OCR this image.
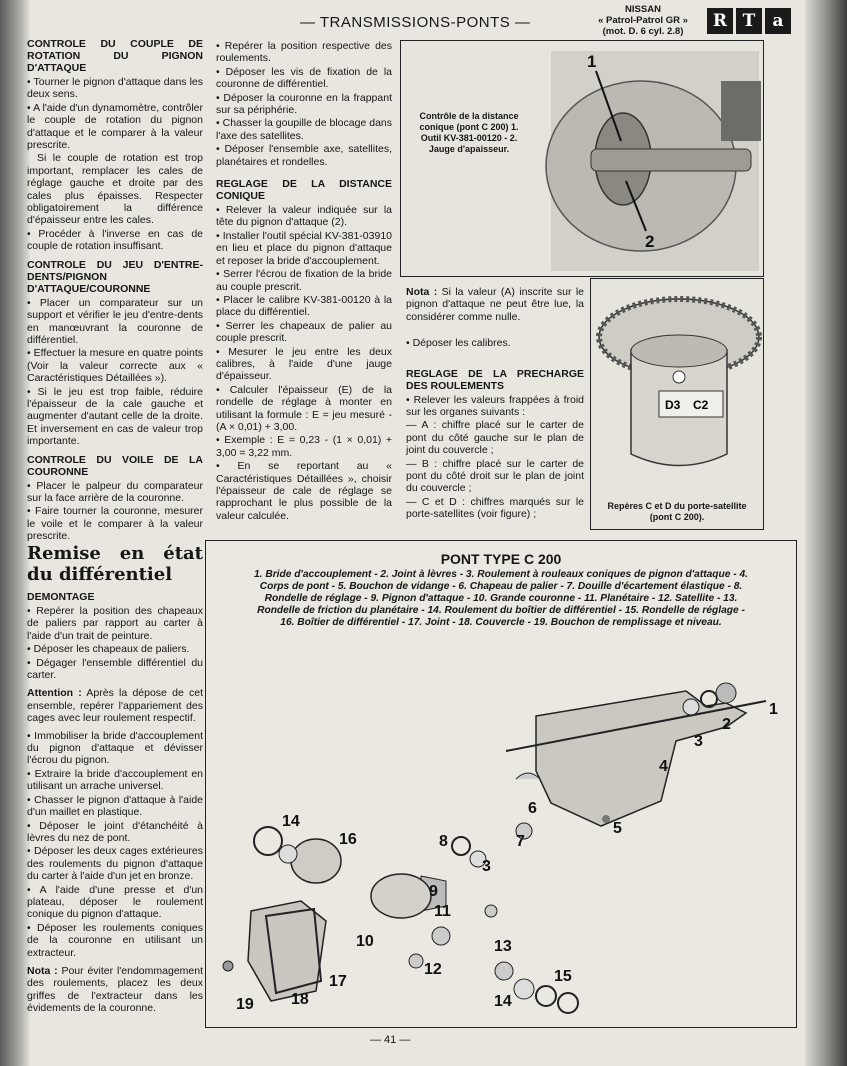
— TRANSMISSIONS-PONTS —
NISSAN
« Patrol-Patrol GR »
(mot. D. 6 cyl. 2.8)
R T	a
CONTROLE DU COUPLE DE ROTATION DU PIGNON D'ATTAQUE

• Tourner le pignon d'attaque dans les deux sens.

• A l'aide d'un dynamomètre, contrôler le couple de rotation du pignon d'attaque et le comparer à la valeur prescrite.

Si le couple de rotation est trop important, remplacer les cales de réglage gauche et droite par des cales plus épaisses. Respecter obligatoirement la différence d'épaisseur entre les cales.

• Procéder à l'inverse en cas de couple de rotation insuffisant.

CONTROLE DU JEU D'ENTRE-DENTS/PIGNON D'ATTAQUE/COURONNE

• Placer un comparateur sur un support et vérifier le jeu d'entre-dents en manœuvrant la couronne de différentiel.

• Effectuer la mesure en quatre points (Voir la valeur correcte aux « Caractéristiques Détaillées »).

• Si le jeu est trop faible, réduire l'épaisseur de la cale gauche et augmenter d'autant celle de la droite. Et inversement en cas de valeur trop importante.

CONTROLE DU VOILE DE LA COURONNE

• Placer le palpeur du comparateur sur la face arrière de la couronne.

• Faire tourner la couronne, mesurer le voile et le comparer à la valeur prescrite.

Remise en état du différentiel
DEMONTAGE

• Repérer la position des chapeaux de paliers par rapport au carter à l'aide d'un trait de peinture.

• Déposer les chapeaux de paliers.

• Dégager l'ensemble différentiel du carter.

Attention : Après la dépose de cet ensemble, repérer l'appariement des cages avec leur roulement respectif.

• Immobiliser la bride d'accouplement du pignon d'attaque et dévisser l'écrou du pignon.

• Extraire la bride d'accouplement en utilisant un arrache universel.

• Chasser le pignon d'attaque à l'aide d'un maillet en plastique.

• Déposer le joint d'étanchéité à lèvres du nez de pont.

• Déposer les deux cages extérieures des roulements du pignon d'attaque du carter à l'aide d'un jet en bronze.

• A l'aide d'une presse et d'un plateau, déposer le roulement conique du pignon d'attaque.

• Déposer les roulements coniques de la couronne en utilisant un extracteur.

Nota : Pour éviter l'endommagement des roulements, placez les deux griffes de l'extracteur dans les évidements de la couronne.

• Repérer la position respective des roulements.

• Déposer les vis de fixation de la couronne de différentiel.

• Déposer la couronne en la frappant sur sa périphérie.

• Chasser la goupille de blocage dans l'axe des satellites.

• Déposer l'ensemble axe, satellites, planétaires et rondelles.

REGLAGE DE LA DISTANCE CONIQUE

• Relever la valeur indiquée sur la tête du pignon d'attaque (2).

• Installer l'outil spécial KV-381-03910 en lieu et place du pignon d'attaque et reposer la bride d'accouplement.

• Serrer l'écrou de fixation de la bride au couple prescrit.

• Placer le calibre KV-381-00120 à la place du différentiel.

• Serrer les chapeaux de palier au couple prescrit.

• Mesurer le jeu entre les deux calibres, à l'aide d'une jauge d'épaisseur.

• Calculer l'épaisseur (E) de la rondelle de réglage à monter en utilisant la formule : E = jeu mesuré - (A × 0,01) + 3,00.

• Exemple : E = 0,23 - (1 × 0,01) + 3,00 = 3,22 mm.

• En se reportant au « Caractéristiques Détaillées », choisir l'épaisseur de cale de réglage se rapprochant le plus possible de la valeur calculée.

1
2
Contrôle de la distance conique (pont C 200) 1. Outil KV-381-00120 - 2. Jauge d'apaisseur.

Nota : Si la valeur (A) inscrite sur le pignon d'attaque ne peut être lue, la considérer comme nulle.

• Déposer les calibres.

REGLAGE DE LA PRECHARGE DES ROULEMENTS

• Relever les valeurs frappées à froid sur les organes suivants :

— A : chiffre placé sur le carter de pont du côté gauche sur le plan de joint du couvercle ;

— B : chiffre placé sur le carter de pont du côté droit sur le plan de joint du couvercle ;

— C et D : chiffres marqués sur le porte-satellites (voir figure) ;

D3 C2
Repères C et D du porte-satellite (pont C 200).
PONT TYPE C 200
1. Bride d'accouplement - 2. Joint à lèvres - 3. Roulement à rouleaux coniques de pignon d'attaque - 4. Corps de pont - 5. Bouchon de vidange - 6. Chapeau de palier - 7. Douille d'écartement élastique - 8. Rondelle de réglage - 9. Pignon d'attaque - 10. Grande couronne - 11. Planétaire - 12. Satellite - 13. Rondelle de friction du planétaire - 14. Roulement du boîtier de différentiel - 15. Rondelle de réglage - 16. Boîtier de différentiel - 17. Joint - 18. Couvercle - 19. Bouchon de remplissage et niveau.
1
2
3
4
5
6
7
8
3
9
10
11
12
13
14
15
16
14
17
18
19
— 41 —
